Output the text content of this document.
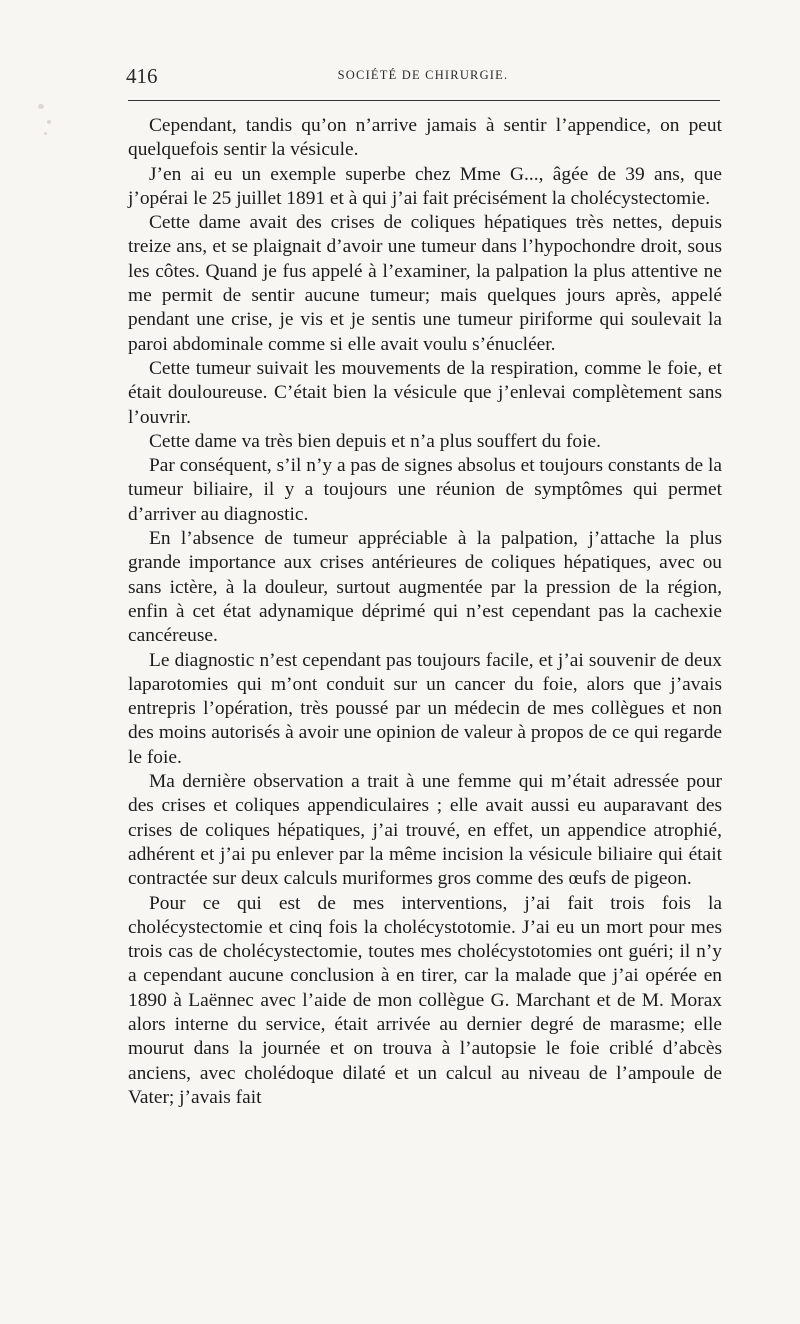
416	SOCIÉTÉ DE CHIRURGIE.

Cependant, tandis qu’on n’arrive jamais à sentir l’appendice, on peut quelquefois sentir la vésicule.

J’en ai eu un exemple superbe chez Mme G..., âgée de 39 ans, que j’opérai le 25 juillet 1891 et à qui j’ai fait précisément la cholécystectomie.

Cette dame avait des crises de coliques hépatiques très nettes, depuis treize ans, et se plaignait d’avoir une tumeur dans l’hypochondre droit, sous les côtes. Quand je fus appelé à l’examiner, la palpation la plus attentive ne me permit de sentir aucune tumeur; mais quelques jours après, appelé pendant une crise, je vis et je sentis une tumeur piriforme qui soulevait la paroi abdominale comme si elle avait voulu s’énucléer.

Cette tumeur suivait les mouvements de la respiration, comme le foie, et était douloureuse. C’était bien la vésicule que j’enlevai complètement sans l’ouvrir.

Cette dame va très bien depuis et n’a plus souffert du foie.

Par conséquent, s’il n’y a pas de signes absolus et toujours constants de la tumeur biliaire, il y a toujours une réunion de symptômes qui permet d’arriver au diagnostic.

En l’absence de tumeur appréciable à la palpation, j’attache la plus grande importance aux crises antérieures de coliques hépatiques, avec ou sans ictère, à la douleur, surtout augmentée par la pression de la région, enfin à cet état adynamique déprimé qui n’est cependant pas la cachexie cancéreuse.

Le diagnostic n’est cependant pas toujours facile, et j’ai souvenir de deux laparotomies qui m’ont conduit sur un cancer du foie, alors que j’avais entrepris l’opération, très poussé par un médecin de mes collègues et non des moins autorisés à avoir une opinion de valeur à propos de ce qui regarde le foie.

Ma dernière observation a trait à une femme qui m’était adressée pour des crises et coliques appendiculaires ; elle avait aussi eu auparavant des crises de coliques hépatiques, j’ai trouvé, en effet, un appendice atrophié, adhérent et j’ai pu enlever par la même incision la vésicule biliaire qui était contractée sur deux calculs muriformes gros comme des œufs de pigeon.

Pour ce qui est de mes interventions, j’ai fait trois fois la cholécystectomie et cinq fois la cholécystotomie. J’ai eu un mort pour mes trois cas de cholécystectomie, toutes mes cholécystotomies ont guéri; il n’y a cependant aucune conclusion à en tirer, car la malade que j’ai opérée en 1890 à Laënnec avec l’aide de mon collègue G. Marchant et de M. Morax alors interne du service, était arrivée au dernier degré de marasme; elle mourut dans la journée et on trouva à l’autopsie le foie criblé d’abcès anciens, avec cholédoque dilaté et un calcul au niveau de l’ampoule de Vater; j’avais fait
